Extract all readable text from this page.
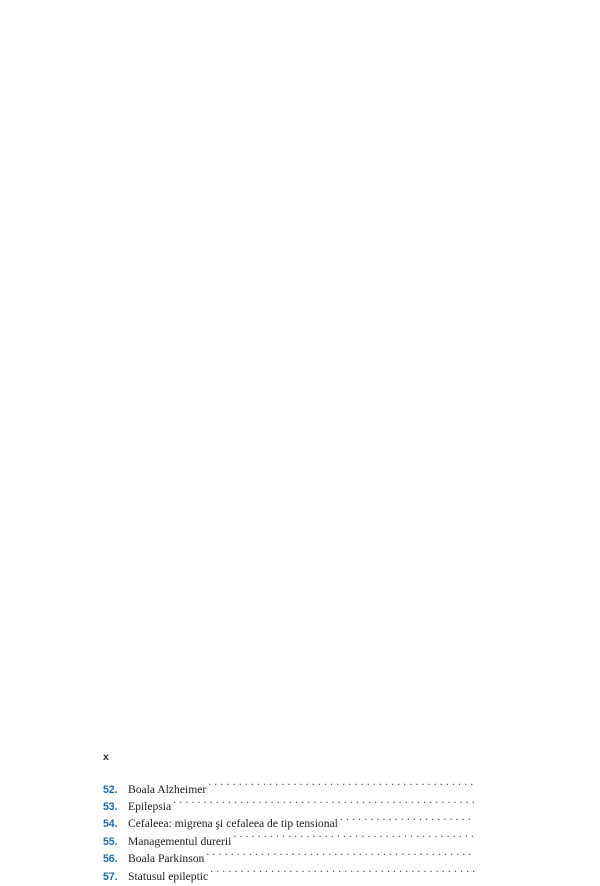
. . .
. . .
. . .
. . .
. . .
. . .
. . .
. . .
. . .
. . .
. . .
. . .
. . .
. . .
. . .
. . .
. . .
. . .
. . .
. . .
. . .
. . .
. . .
. . .
. . .
. . .
. . .
52. Boala Alzheimer
. . .
53. Epilepsia
. . .
54. Cefaleea: migrena şi cefaleea de tip tensional
. . .
55. Managementul durerii
. . .
56. Boala Parkinson
. . .
57. Statusul epileptic
. . .
x
